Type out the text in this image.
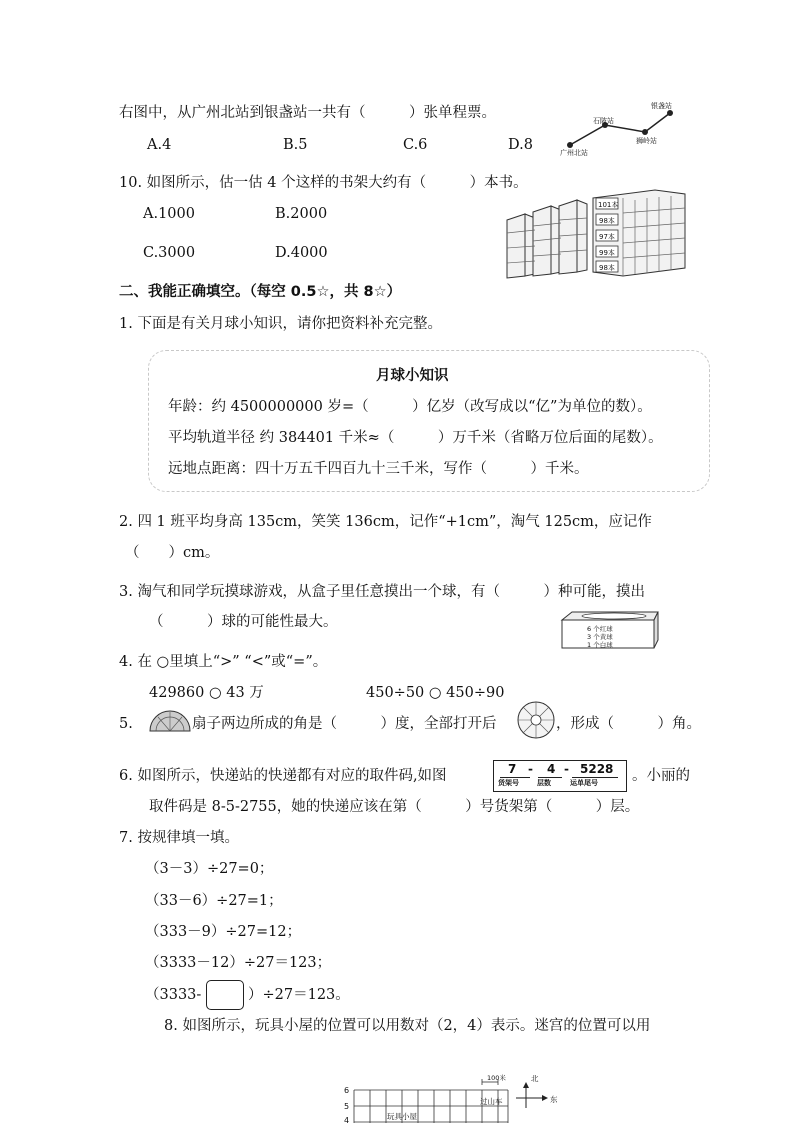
右图中，从广州北站到银盏站一共有（　　　）张单程票。
A.4	B.5	C.6	D.8
银盏站
石陂站
狮岭站
广州北站
10. 如图所示，估一估 4 个这样的书架大约有（　　　）本书。
A.1000	B.2000
C.3000	D.4000
101本
98本
97本
99本
98本
二、我能正确填空。（每空 0.5☆，共 8☆）
1. 下面是有关月球小知识，请你把资料补充完整。
月球小知识
年龄：约 4500000000 岁=（　　　）亿岁（改写成以“亿”为单位的数）。
平均轨道半径 约 384401 千米≈（　　　）万千米（省略万位后面的尾数）。
远地点距离：四十万五千四百九十三千米，写作（　　　）千米。
2. 四 1 班平均身高 135cm，笑笑 136cm，记作“+1cm”，淘气 125cm，应记作
（　　）cm。
3. 淘气和同学玩摸球游戏，从盒子里任意摸出一个球，有（　　　）种可能，摸出
（　　　）球的可能性最大。	6 个红球
3 个黄球
1 个白球
4. 在 ○里填上“>” “<”或“=”。
429860 ○ 43 万	450÷50 ○ 450÷90
5.	扇子两边所成的角是（　　　）度，全部打开后	，形成（　　　）角。
6. 如图所示，快递站的快递都有对应的取件码,如图	7 - 4 - 5228
货架号	层数	运单尾号 。小丽的
取件码是 8-5-2755，她的快递应该在第（　　　）号货架第（　　　）层。
7. 按规律填一填。
（3－3）÷27=0；
（33－6）÷27=1；
（333－9）÷27=12；
（3333－12）÷27＝123；
（3333-	）÷27＝123。
8. 如图所示，玩具小屋的位置可以用数对（2，4）表示。迷宫的位置可以用
6
5
4	玩具小屋
过山车
100米	北
东
